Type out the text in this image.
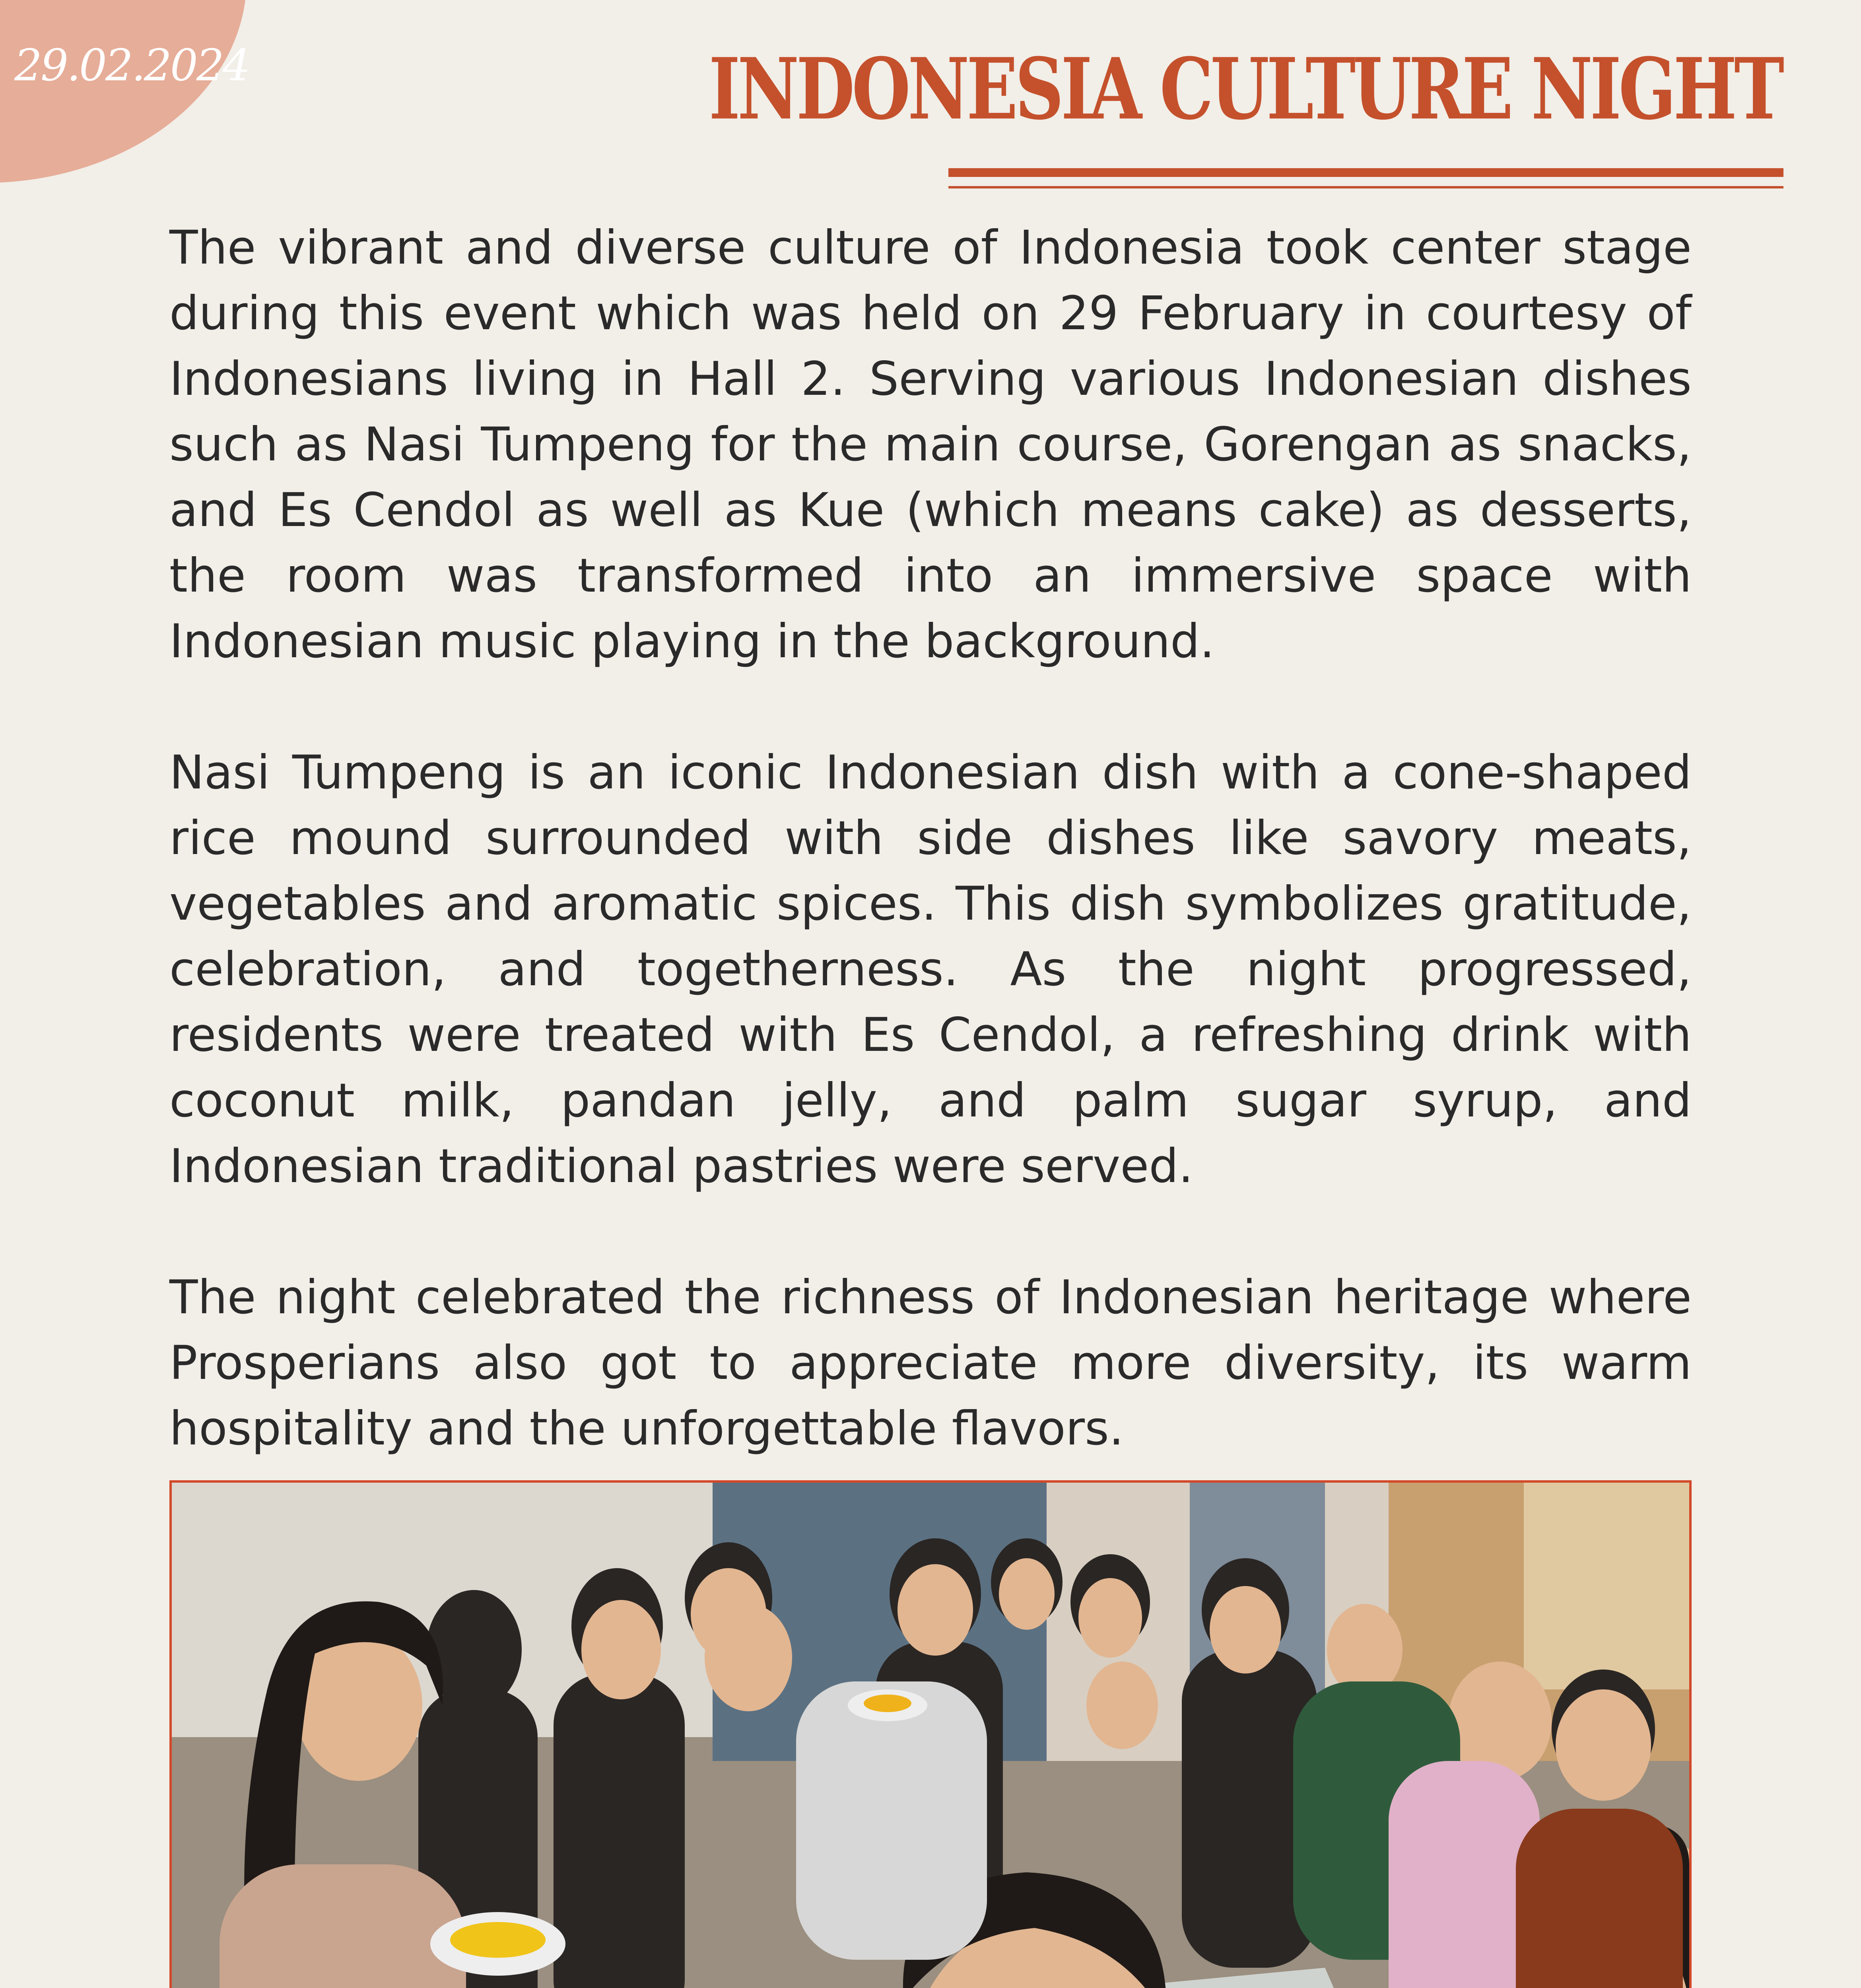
29.02.2024	INDONESIA CULTURE NIGHT

The vibrant and diverse culture of Indonesia took center stage during this event which was held on 29 February in courtesy of Indonesians living in Hall 2. Serving various Indonesian dishes such as Nasi Tumpeng for the main course, Gorengan as snacks, and Es Cendol as well as Kue (which means cake) as desserts, the room was transformed into an immersive space with Indonesian music playing in the background.

Nasi Tumpeng is an iconic Indonesian dish with a cone-shaped rice mound surrounded with side dishes like savory meats, vegetables and aromatic spices. This dish symbolizes gratitude, celebration, and togetherness. As the night progressed, residents were treated with Es Cendol, a refreshing drink with coconut milk, pandan jelly, and palm sugar syrup, and Indonesian traditional pastries were served.

The night celebrated the richness of Indonesian heritage where Prosperians also got to appreciate more diversity, its warm hospitality and the unforgettable flavors.
